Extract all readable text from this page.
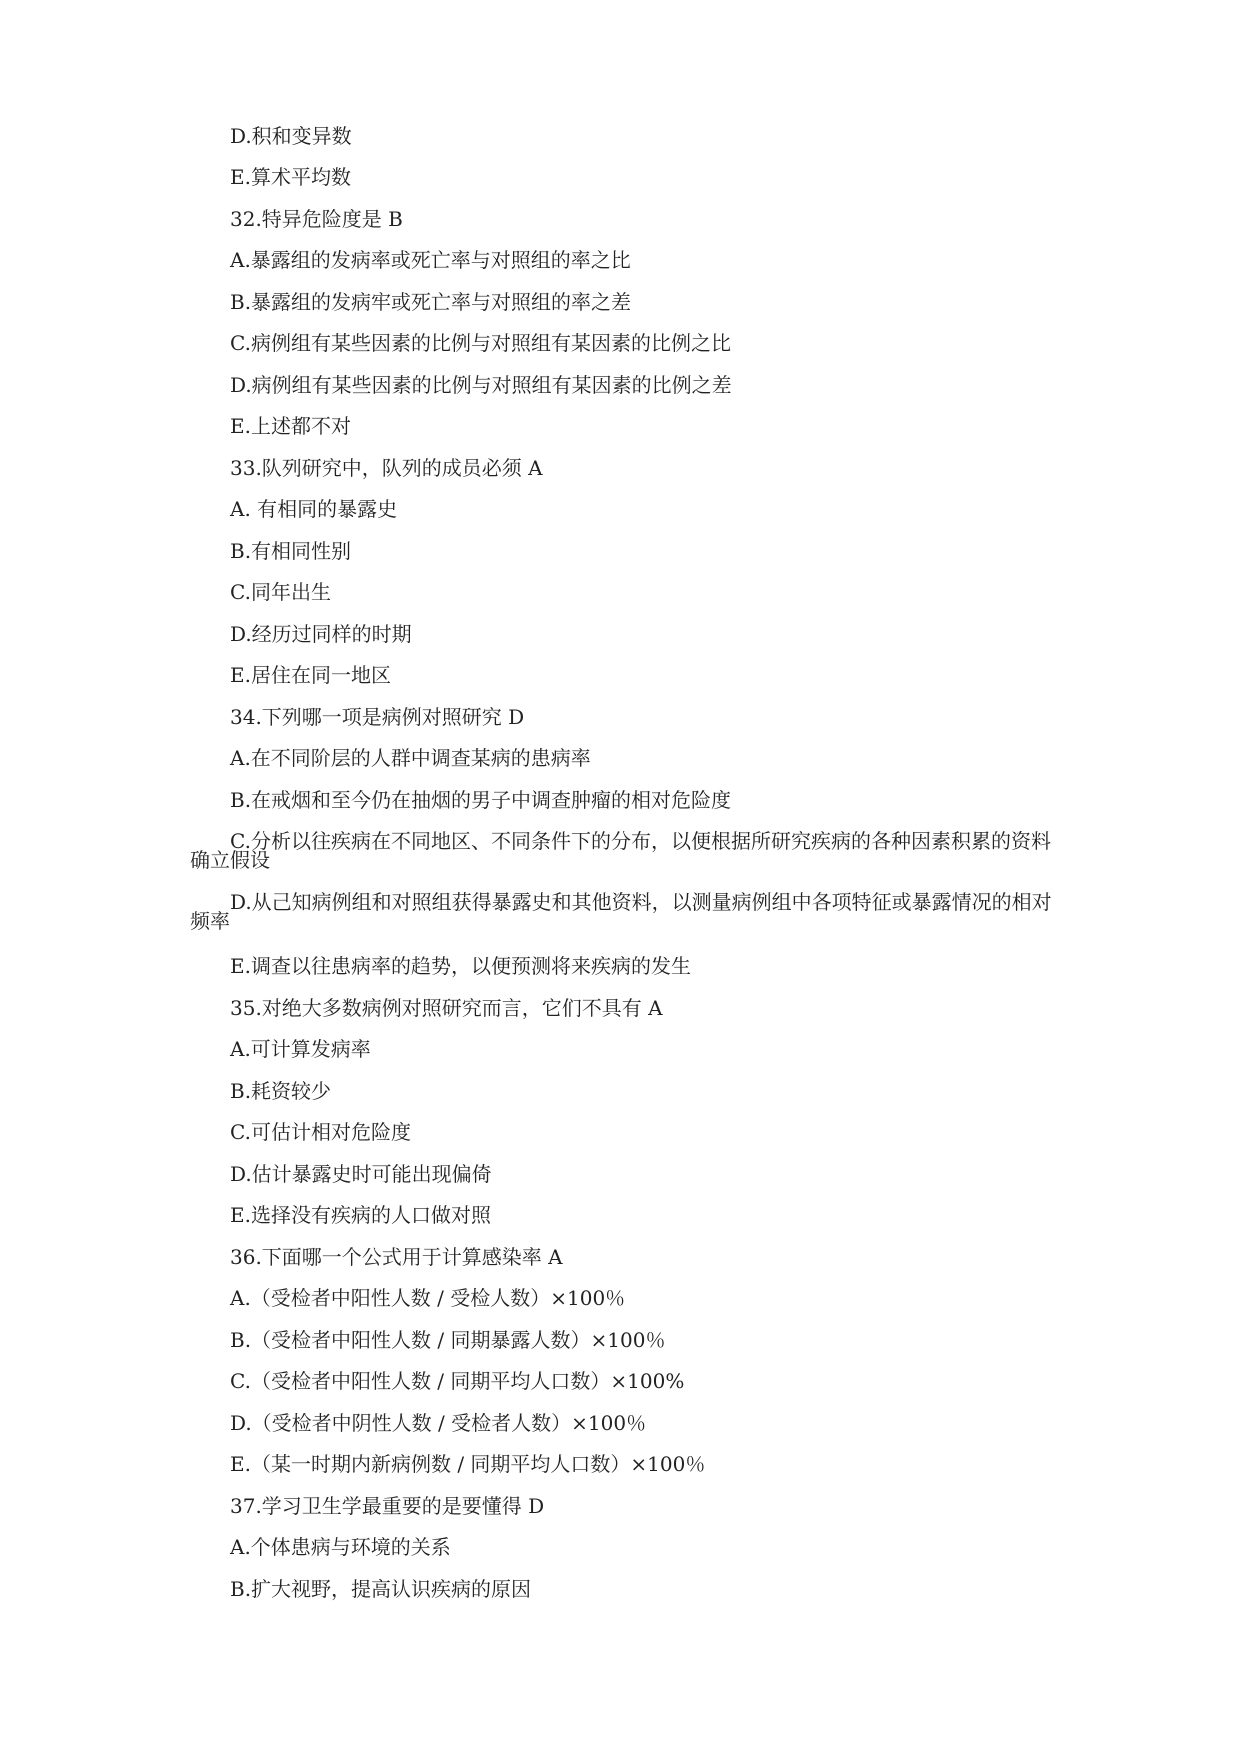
D.积和变异数
E.算术平均数
32.特异危险度是 B
A.暴露组的发病率或死亡率与对照组的率之比
B.暴露组的发病牢或死亡率与对照组的率之差
C.病例组有某些因素的比例与对照组有某因素的比例之比
D.病例组有某些因素的比例与对照组有某因素的比例之差
E.上述都不对
33.队列研究中，队列的成员必须 A
A. 有相同的暴露史
B.有相同性别
C.同年出生
D.经历过同样的时期
E.居住在同一地区
34.下列哪一项是病例对照研究 D
A.在不同阶层的人群中调查某病的患病率
B.在戒烟和至今仍在抽烟的男子中调查肿瘤的相对危险度
C.分析以往疾病在不同地区、不同条件下的分布，以便根据所研究疾病的各种因素积累的资料确立假设
D.从己知病例组和对照组获得暴露史和其他资料，以测量病例组中各项特征或暴露情况的相对频率
E.调查以往患病率的趋势，以便预测将来疾病的发生
35.对绝大多数病例对照研究而言，它们不具有 A
A.可计算发病率
B.耗资较少
C.可估计相对危险度
D.估计暴露史时可能出现偏倚
E.选择没有疾病的人口做对照
36.下面哪一个公式用于计算感染率 A
A.（受检者中阳性人数 / 受检人数）×100％
B.（受检者中阳性人数 / 同期暴露人数）×100％
C.（受检者中阳性人数 / 同期平均人口数）×100%
D.（受检者中阴性人数 / 受检者人数）×100％
E.（某一时期内新病例数 / 同期平均人口数）×100％
37.学习卫生学最重要的是要懂得 D
A.个体患病与环境的关系
B.扩大视野，提高认识疾病的原因
